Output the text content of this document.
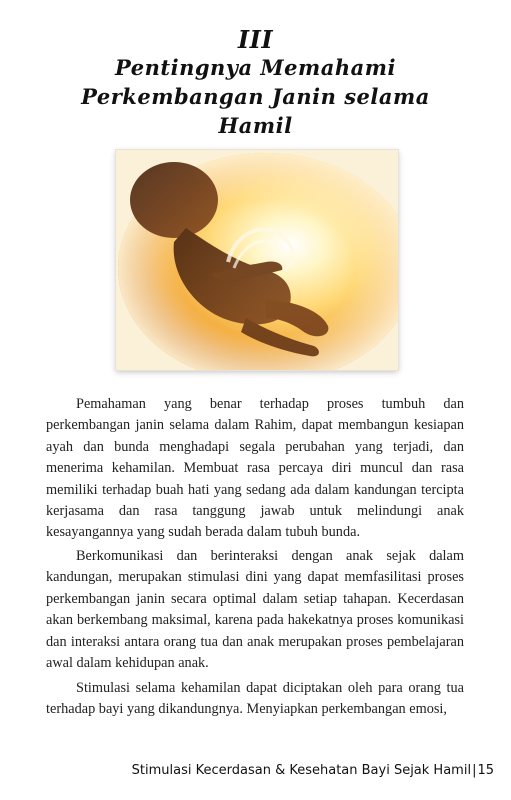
III
Pentingnya Memahami
Perkembangan Janin selama
Hamil
Pemahaman yang benar terhadap proses tumbuh dan perkembangan janin selama dalam Rahim, dapat membangun kesiapan ayah dan bunda menghadapi segala perubahan yang terjadi, dan menerima kehamilan. Membuat rasa percaya diri muncul dan rasa memiliki terhadap buah hati yang sedang ada dalam kandungan tercipta kerjasama dan rasa tanggung jawab untuk melindungi anak kesayangannya yang sudah berada dalam tubuh bunda.
Berkomunikasi dan berinteraksi dengan anak sejak dalam kandungan, merupakan stimulasi dini yang dapat memfasilitasi proses perkembangan janin secara optimal dalam setiap tahapan. Kecerdasan akan berkembang maksimal, karena pada hakekatnya proses komunikasi dan interaksi antara orang tua dan anak merupakan proses pembelajaran awal dalam kehidupan anak.
Stimulasi selama kehamilan dapat diciptakan oleh para orang tua terhadap bayi yang dikandungnya. Menyiapkan perkembangan emosi,
Stimulasi Kecerdasan & Kesehatan Bayi Sejak Hamil|15
